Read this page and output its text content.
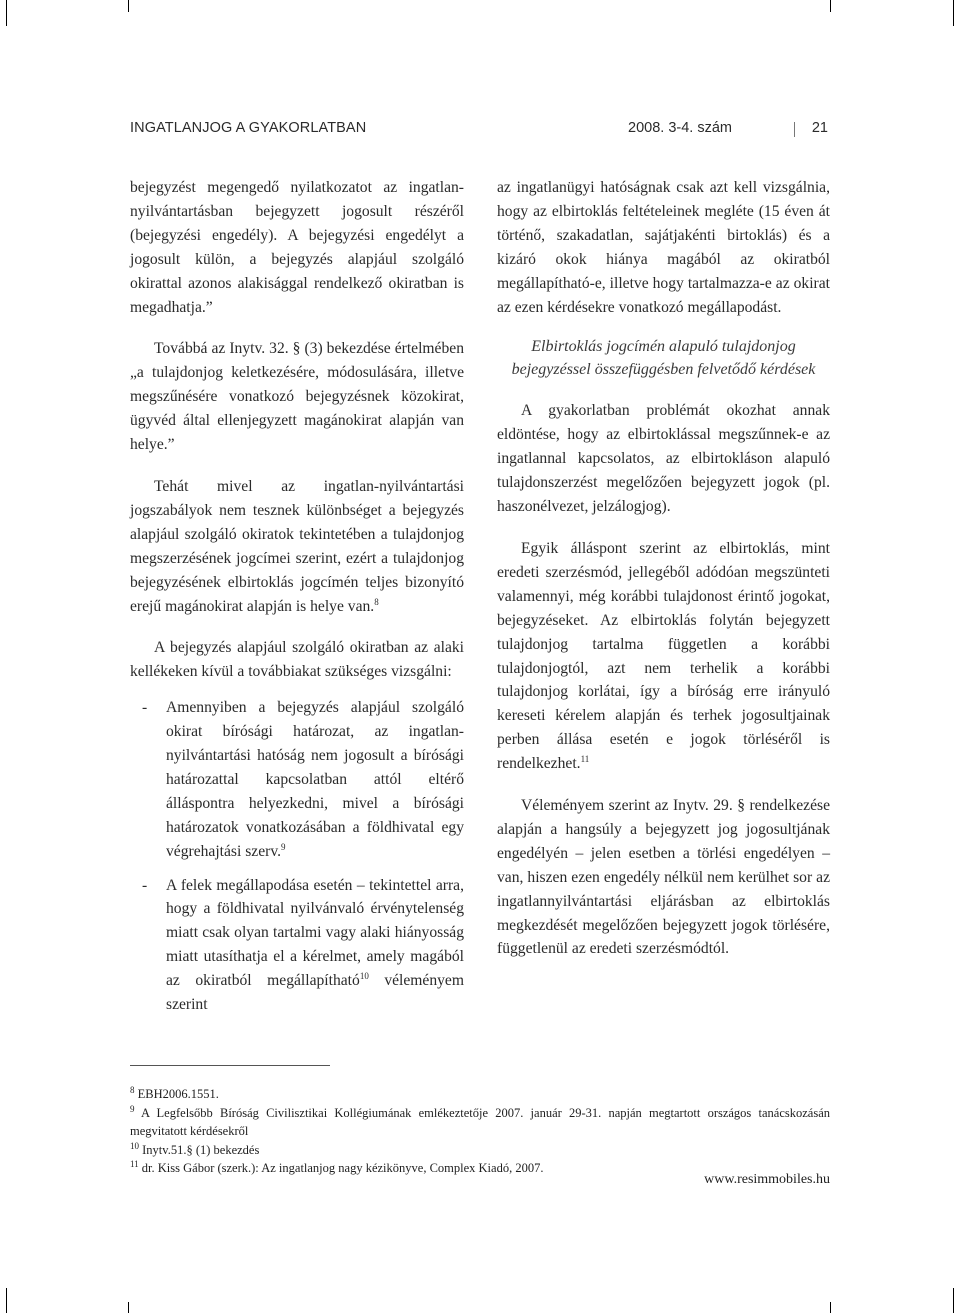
INGATLANJOG A GYAKORLATBAN	2008. 3-4. szám	21

bejegyzést megengedő nyilatkozatot az ingatlan- nyilvántartásban bejegyzett jogosult részéről (bejegyzési engedély). A bejegyzési engedélyt a jogosult külön, a bejegyzés alapjául szolgáló okirattal azonos alakisággal rendelkező okiratban is megadhatja.”

Továbbá az Inytv. 32. § (3) bekezdése értelmében „a tulajdonjog keletkezésére, módosulására, illetve megszűnésére vonatkozó bejegyzésnek közokirat, ügyvéd által ellenjegyzett magánokirat alapján van helye.”

Tehát mivel az ingatlan-nyilvántartási jogszabályok nem tesznek különbséget a bejegyzés alapjául szolgáló okiratok tekintetében a tulajdonjog megszerzésének jogcímei szerint, ezért a tulajdonjog bejegyzésének elbirtoklás jogcímén teljes bizonyító erejű magánokirat alapján is helye van.$^8$

A bejegyzés alapjául szolgáló okiratban az alaki kellékeken kívül a továbbiakat szükséges vizsgálni:

- Amennyiben a bejegyzés alapjául szolgáló okirat bírósági határozat, az ingatlan-nyilvántartási hatóság nem jogosult a bírósági határozattal kapcsolatban attól eltérő álláspontra helyezkedni, mivel a bírósági határozatok vonatkozásában a földhivatal egy végrehajtási szerv.$^9$

- A felek megállapodása esetén – tekintettel arra, hogy a földhivatal nyilvánvaló érvénytelenség miatt csak olyan tartalmi vagy alaki hiányosság miatt utasíthatja el a kérelmet, amely magából az okiratból megállapítható$^{10}$ véleményem szerint

az ingatlanügyi hatóságnak csak azt kell vizsgálnia, hogy az elbirtoklás feltételeinek megléte (15 éven át történő, szakadatlan, sajátjakénti birtoklás) és a kizáró okok hiánya magából az okiratból megállapítható-e, illetve hogy tartalmazza-e az okirat az ezen kérdésekre vonatkozó megállapodást.

Elbirtoklás jogcímén alapuló tulajdonjog bejegyzéssel összefüggésben felvetődő kérdések

A gyakorlatban problémát okozhat annak eldöntése, hogy az elbirtoklással megszűnnek-e az ingatlannal kapcsolatos, az elbirtokláson alapuló tulajdonszerzést megelőzően bejegyzett jogok (pl. haszonélvezet, jelzálogjog).

Egyik álláspont szerint az elbirtoklás, mint eredeti szerzésmód, jellegéből adódóan megszünteti valamennyi, még korábbi tulajdonost érintő jogokat, bejegyzéseket. Az elbirtoklás folytán bejegyzett tulajdonjog tartalma független a korábbi tulajdonjogtól, azt nem terhelik a korábbi tulajdonjog korlátai, így a bíróság erre irányuló kereseti kérelem alapján és terhek jogosultjainak perben állása esetén e jogok törléséről is rendelkezhet.$^{11}$

Véleményem szerint az Inytv. 29. § rendelkezése alapján a hangsúly a bejegyzett jog jogosultjának engedélyén – jelen esetben a törlési engedélyen – van, hiszen ezen engedély nélkül nem kerülhet sor az ingatlannyilvántartási eljárásban az elbirtoklás megkezdését megelőzően bejegyzett jogok törlésére, függetlenül az eredeti szerzésmódtól.

$^8$ EBH2006.1551.

$^9$ A Legfelsőbb Bíróság Civilisztikai Kollégiumának emlékeztetője 2007. január 29-31. napján megtartott országos tanácskozásán megvitatott kérdésekről

$^{10}$ Inytv.51.§ (1) bekezdés

$^{11}$ dr. Kiss Gábor (szerk.): Az ingatlanjog nagy kézikönyve, Complex Kiadó, 2007.

www.resimmobiles.hu
